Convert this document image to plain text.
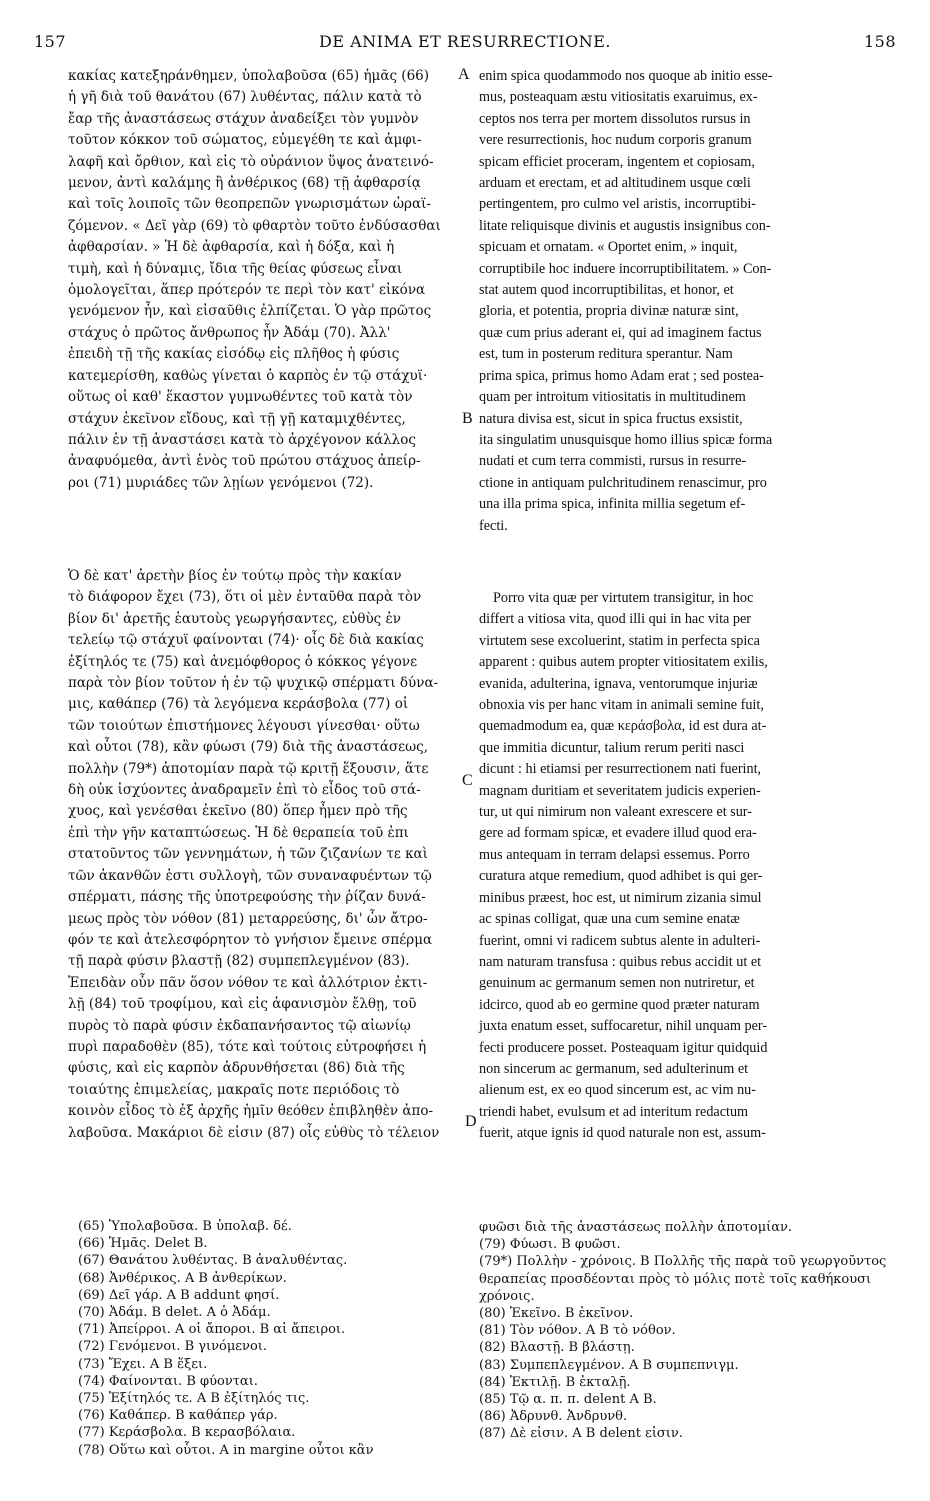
157	DE ANIMA ET RESURRECTIONE.	158

κακίας κατεξηράνθημεν, ὑπολαβοῦσα (65) ἡμᾶς (66)
ἡ γῆ διὰ τοῦ θανάτου (67) λυθέντας, πάλιν κατὰ τὸ
ἔαρ τῆς ἀναστάσεως στάχυν ἀναδείξει τὸν γυμνὸν
τοῦτον κόκκον τοῦ σώματος, εὐμεγέθη τε καὶ ἀμφι-
λαφῆ καὶ ὄρθιον, καὶ εἰς τὸ οὐράνιον ὕψος ἀνατεινό-
μενον, ἀντὶ καλάμης ἢ ἀνθέρικος (68) τῇ ἀφθαρσίᾳ
καὶ τοῖς λοιποῖς τῶν θεοπρεπῶν γνωρισμάτων ὡραϊ-
ζόμενον. « Δεῖ γὰρ (69) τὸ φθαρτὸν τοῦτο ἐνδύσασθαι
ἀφθαρσίαν. » Ἡ δὲ ἀφθαρσία, καὶ ἡ δόξα, καὶ ἡ
τιμὴ, καὶ ἡ δύναμις, ἴδια τῆς θείας φύσεως εἶναι
ὁμολογεῖται, ἅπερ πρότερόν τε περὶ τὸν κατ' εἰκόνα
γενόμενον ἦν, καὶ εἰσαῦθις ἐλπίζεται. Ὁ γὰρ πρῶτος
στάχυς ὁ πρῶτος ἄνθρωπος ἦν Ἀδάμ (70). Ἀλλ'
ἐπειδὴ τῇ τῆς κακίας εἰσόδῳ εἰς πλῆθος ἡ φύσις
κατεμερίσθη, καθὼς γίνεται ὁ καρπὸς ἐν τῷ στάχυϊ·
οὕτως οἱ καθ' ἕκαστον γυμνωθέντες τοῦ κατὰ τὸν
στάχυν ἐκεῖνον εἴδους, καὶ τῇ γῇ καταμιχθέντες,
πάλιν ἐν τῇ ἀναστάσει κατὰ τὸ ἀρχέγονον κάλλος
ἀναφυόμεθα, ἀντὶ ἑνὸς τοῦ πρώτου στάχυος ἀπείρ-
ροι (71) μυριάδες τῶν λῃίων γενόμενοι (72).

Ὁ δὲ κατ' ἀρετὴν βίος ἐν τούτῳ πρὸς τὴν κακίαν
τὸ διάφορον ἔχει (73), ὅτι οἱ μὲν ἐνταῦθα παρὰ τὸν
βίον δι' ἀρετῆς ἑαυτοὺς γεωργήσαντες, εὐθὺς ἐν
τελείῳ τῷ στάχυϊ φαίνονται (74)· οἷς δὲ διὰ κακίας
ἐξίτηλός τε (75) καὶ ἀνεμόφθορος ὁ κόκκος γέγονε
παρὰ τὸν βίον τοῦτον ἡ ἐν τῷ ψυχικῷ σπέρματι δύνα-
μις, καθάπερ (76) τὰ λεγόμενα κεράσβολα (77) οἱ
τῶν τοιούτων ἐπιστήμονες λέγουσι γίνεσθαι· οὕτω
καὶ οὗτοι (78), κἂν φύωσι (79) διὰ τῆς ἀναστάσεως,
πολλὴν (79*) ἀποτομίαν παρὰ τῷ κριτῇ ἕξουσιν, ἅτε
δὴ οὐκ ἰσχύοντες ἀναδραμεῖν ἐπὶ τὸ εἶδος τοῦ στά-
χυος, καὶ γενέσθαι ἐκεῖνο (80) ὅπερ ἦμεν πρὸ τῆς
ἐπὶ τὴν γῆν καταπτώσεως. Ἡ δὲ θεραπεία τοῦ ἐπι
στατοῦντος τῶν γεννημάτων, ἡ τῶν ζιζανίων τε καὶ
τῶν ἀκανθῶν ἐστι συλλογὴ, τῶν συναναφυέντων τῷ
σπέρματι, πάσης τῆς ὑποτρεφούσης τὴν ῥίζαν δυνά-
μεως πρὸς τὸν νόθον (81) μεταρρεύσης, δι' ὧν ἄτρο-
φόν τε καὶ ἀτελεσφόρητον τὸ γνήσιον ἔμεινε σπέρμα
τῇ παρὰ φύσιν βλαστῇ (82) συμπεπλεγμένον (83).
Ἐπειδὰν οὖν πᾶν ὅσον νόθον τε καὶ ἀλλότριον ἐκτι-
λῇ (84) τοῦ τροφίμου, καὶ εἰς ἀφανισμὸν ἔλθῃ, τοῦ
πυρὸς τὸ παρὰ φύσιν ἐκδαπανήσαντος τῷ αἰωνίῳ
πυρὶ παραδοθὲν (85), τότε καὶ τούτοις εὐτροφήσει ἡ
φύσις, καὶ εἰς καρπὸν ἀδρυνθήσεται (86) διὰ τῆς
τοιαύτης ἐπιμελείας, μακραῖς ποτε περιόδοις τὸ
κοινὸν εἶδος τὸ ἐξ ἀρχῆς ἡμῖν θεόθεν ἐπιβληθὲν ἀπο-
λαβοῦσα. Μακάριοι δὲ εἰσιν (87) οἷς εὐθὺς τὸ τέλειον

enim spica quodammodo nos quoque ab initio esse-
mus, posteaquam æstu vitiositatis exaruimus, ex-
ceptos nos terra per mortem dissolutos rursus in
vere resurrectionis, hoc nudum corporis granum
spicam efficiet proceram, ingentem et copiosam,
arduam et erectam, et ad altitudinem usque cœli
pertingentem, pro culmo vel aristis, incorruptibi-
litate reliquisque divinis et augustis insignibus con-
spicuam et ornatam. « Oportet enim, » inquit,
corruptibile hoc induere incorruptibilitatem. » Con-
stat autem quod incorruptibilitas, et honor, et
gloria, et potentia, propria divinæ naturæ sint,
quæ cum prius aderant ei, qui ad imaginem factus
est, tum in posterum reditura sperantur. Nam
prima spica, primus homo Adam erat ; sed postea-
quam per introitum vitiositatis in multitudinem
natura divisa est, sicut in spica fructus exsistit,
ita singulatim unusquisque homo illius spicæ forma
nudati et cum terra commisti, rursus in resurre-
ctione in antiquam pulchritudinem renascimur, pro
una illa prima spica, infinita millia segetum ef-
fecti.

Porro vita quæ per virtutem transigitur, in hoc
differt a vitiosa vita, quod illi qui in hac vita per
virtutem sese excoluerint, statim in perfecta spica
apparent : quibus autem propter vitiositatem exilis,
evanida, adulterina, ignava, ventorumque injuriæ
obnoxia vis per hanc vitam in animali semine fuit,
quemadmodum ea, quæ κεράσβολα, id est dura at-
que immitia dicuntur, talium rerum periti nasci
dicunt : hi etiamsi per resurrectionem nati fuerint,
magnam duritiam et severitatem judicis experien-
tur, ut qui nimirum non valeant exrescere et sur-
gere ad formam spicæ, et evadere illud quod era-
mus antequam in terram delapsi essemus. Porro
curatura atque remedium, quod adhibet is qui ger-
minibus præest, hoc est, ut nimirum zizania simul
ac spinas colligat, quæ una cum semine enatæ
fuerint, omni vi radicem subtus alente in adulteri-
nam naturam transfusa : quibus rebus accidit ut et
genuinum ac germanum semen non nutriretur, et
idcirco, quod ab eo germine quod præter naturam
juxta enatum esset, suffocaretur, nihil unquam per-
fecti producere posset. Posteaquam igitur quidquid
non sincerum ac germanum, sed adulterinum et
alienum est, ex eo quod sincerum est, ac vim nu-
triendi habet, evulsum et ad interitum redactum
fuerit, atque ignis id quod naturale non est, assum-

A
B
C
D
(65) Ὑπολαβοῦσα. B ὑπολαβ. δέ.
(66) Ἡμᾶς. Delet B.
(67) Θανάτου λυθέντας. B ἀναλυθέντας.
(68) Ἀνθέρικος. A B ἀνθερίκων.
(69) Δεῖ γάρ. A B addunt φησί.
(70) Ἀδάμ. B delet. A ὁ Ἀδάμ.
(71) Ἀπείρροι. A οἱ ἄποροι. B αἱ ἄπειροι.
(72) Γενόμενοι. B γινόμενοι.
(73) Ἔχει. A B ἕξει.
(74) Φαίνονται. B φύονται.
(75) Ἐξίτηλός τε. A B ἐξίτηλός τις.
(76) Καθάπερ. B καθάπερ γάρ.
(77) Κεράσβολα. B κερασβόλαια.
(78) Οὕτω καὶ οὗτοι. A in margine οὗτοι κἂν
φυῶσι διὰ τῆς ἀναστάσεως πολλὴν ἀποτομίαν.
(79) Φύωσι. B φυῶσι.
(79*) Πολλὴν - χρόνοις. B Πολλῆς τῆς παρὰ τοῦ γεωργοῦντος θεραπείας προσδέονται πρὸς τὸ μόλις ποτὲ τοῖς καθήκουσι χρόνοις.
(80) Ἐκεῖνο. B ἐκεῖνον.
(81) Τὸν νόθον. A B τὸ νόθον.
(82) Βλαστῇ. B βλάστῃ.
(83) Συμπεπλεγμένον. A B συμπεπνιγμ.
(84) Ἐκτιλῇ. B ἐκταλῇ.
(85) Τῷ α. π. π. delent A B.
(86) Ἀδρυνθ. Ἀνδρυνθ.
(87) Δὲ εἰσιν. A B delent εἰσιν.
